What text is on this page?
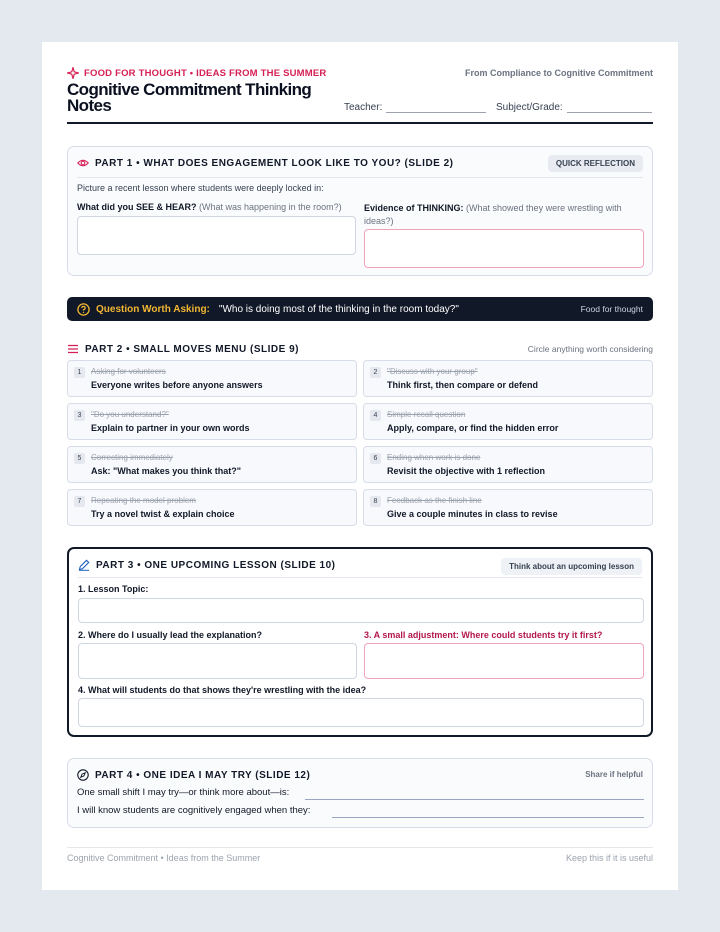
FOOD FOR THOUGHT • IDEAS FROM THE SUMMER	From Compliance to Cognitive Commitment
Cognitive Commitment Thinking Notes	Teacher:	Subject/Grade:
PART 1 • WHAT DOES ENGAGEMENT LOOK LIKE TO YOU? (SLIDE 2)	QUICK REFLECTION
Picture a recent lesson where students were deeply locked in:
What did you SEE & HEAR? (What was happening in the room?)	Evidence of THINKING: (What showed they were wrestling with ideas?)
Question Worth Asking: "Who is doing most of the thinking in the room today?"	Food for thought
PART 2 • SMALL MOVES MENU (SLIDE 9)	Circle anything worth considering
1	Asking for volunteers
Everyone writes before anyone answers
2	"Discuss with your group"
Think first, then compare or defend
3	"Do you understand?"
Explain to partner in your own words
4	Simple recall question
Apply, compare, or find the hidden error
5	Correcting immediately
Ask: "What makes you think that?"
6	Ending when work is done
Revisit the objective with 1 reflection
7	Repeating the model problem
Try a novel twist & explain choice
8	Feedback as the finish line
Give a couple minutes in class to revise
PART 3 • ONE UPCOMING LESSON (SLIDE 10)	Think about an upcoming lesson
1. Lesson Topic:
2. Where do I usually lead the explanation?	3. A small adjustment: Where could students try it first?
4. What will students do that shows they're wrestling with the idea?
PART 4 • ONE IDEA I MAY TRY (SLIDE 12)	Share if helpful
One small shift I may try—or think more about—is:
I will know students are cognitively engaged when they:
Cognitive Commitment • Ideas from the Summer	Keep this if it is useful
